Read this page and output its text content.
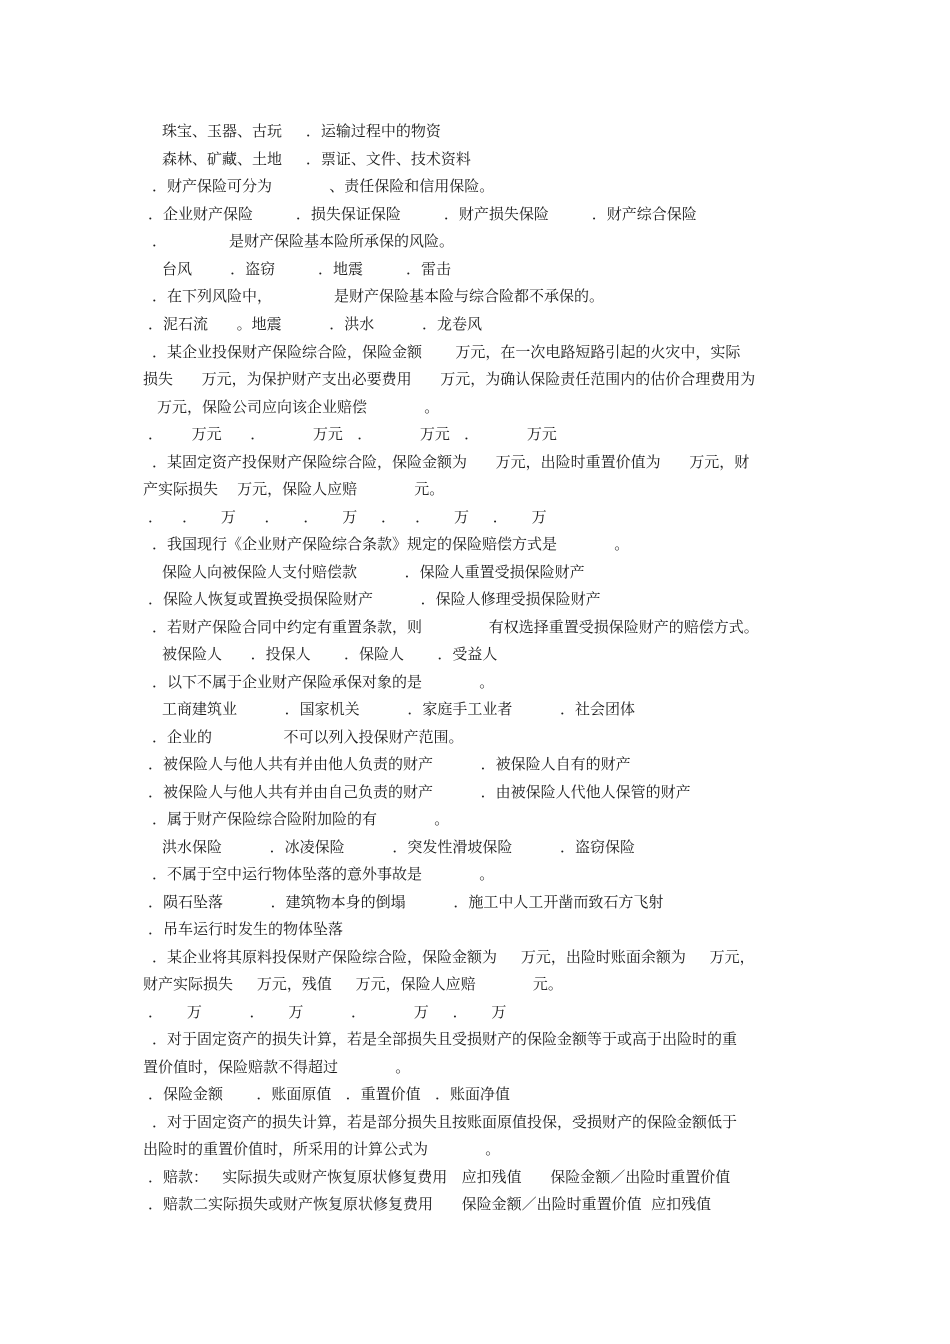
珠宝、玉器、古玩     ．运输过程中的物资
森林、矿藏、土地     ．票证、文件、技术资料
．财产保险可分为            、责任保险和信用保险。
．企业财产保险         ．损失保证保险         ．财产损失保险         ．财产综合保险
．             是财产保险基本险所承保的风险。
台风        ．盗窃         ．地震         ．雷击
．在下列风险中，             是财产保险基本险与综合险都不承保的。
．泥石流      。地震          ．洪水          ．龙卷风
．某企业投保财产保险综合险，保险金额       万元，在一次电路短路引起的火灾中，实际
损失      万元，为保护财产支出必要费用      万元，为确认保险责任范围内的估价合理费用为
万元，保险公司应向该企业赔偿            。
．      万元      ．          万元   ．          万元   ．          万元
．某固定资产投保财产保险综合险，保险金额为      万元，出险时重置价值为      万元，财
产实际损失    万元，保险人应赔            元。
．    ．     万      ．     ．     万     ．    ．     万     ．     万
．我国现行《企业财产保险综合条款》规定的保险赔偿方式是            。
保险人向被保险人支付赔偿款          ．保险人重置受损保险财产
．保险人恢复或置换受损保险财产          ．保险人修理受损保险财产
．若财产保险合同中约定有重置条款，则              有权选择重置受损保险财产的赔偿方式。
被保险人      ．投保人       ．保险人       ．受益人
．以下不属于企业财产保险承保对象的是            。
工商建筑业          ．国家机关          ．家庭手工业者          ．社会团体
．企业的               不可以列入投保财产范围。
．被保险人与他人共有并由他人负责的财产          ．被保险人自有的财产
．被保险人与他人共有并由自己负责的财产          ．由被保险人代他人保管的财产
．属于财产保险综合险附加险的有            。
洪水保险          ．冰凌保险          ．突发性滑坡保险          ．盗窃保险
．不属于空中运行物体坠落的意外事故是            。
．陨石坠落          ．建筑物本身的倒塌          ．施工中人工开凿而致石方飞射
．吊车运行时发生的物体坠落
．某企业将其原料投保财产保险综合险，保险金额为     万元，出险时账面余额为     万元，
财产实际损失     万元，残值     万元，保险人应赔            元。
．     万          ．     万          ．          万     ．     万
．对于固定资产的损失计算，若是全部损失且受损财产的保险金额等于或高于出险时的重
置价值时，保险赔款不得超过            。
．保险金额       ．账面原值   ．重置价值   ．账面净值
．对于固定资产的损失计算，若是部分损失且按账面原值投保，受损财产的保险金额低于
出险时的重置价值时，所采用的计算公式为            。
．赔款：   实际损失或财产恢复原状修复费用   应扣残值      保险金额／出险时重置价值
．赔款二实际损失或财产恢复原状修复费用      保险金额／出险时重置价值  应扣残值
